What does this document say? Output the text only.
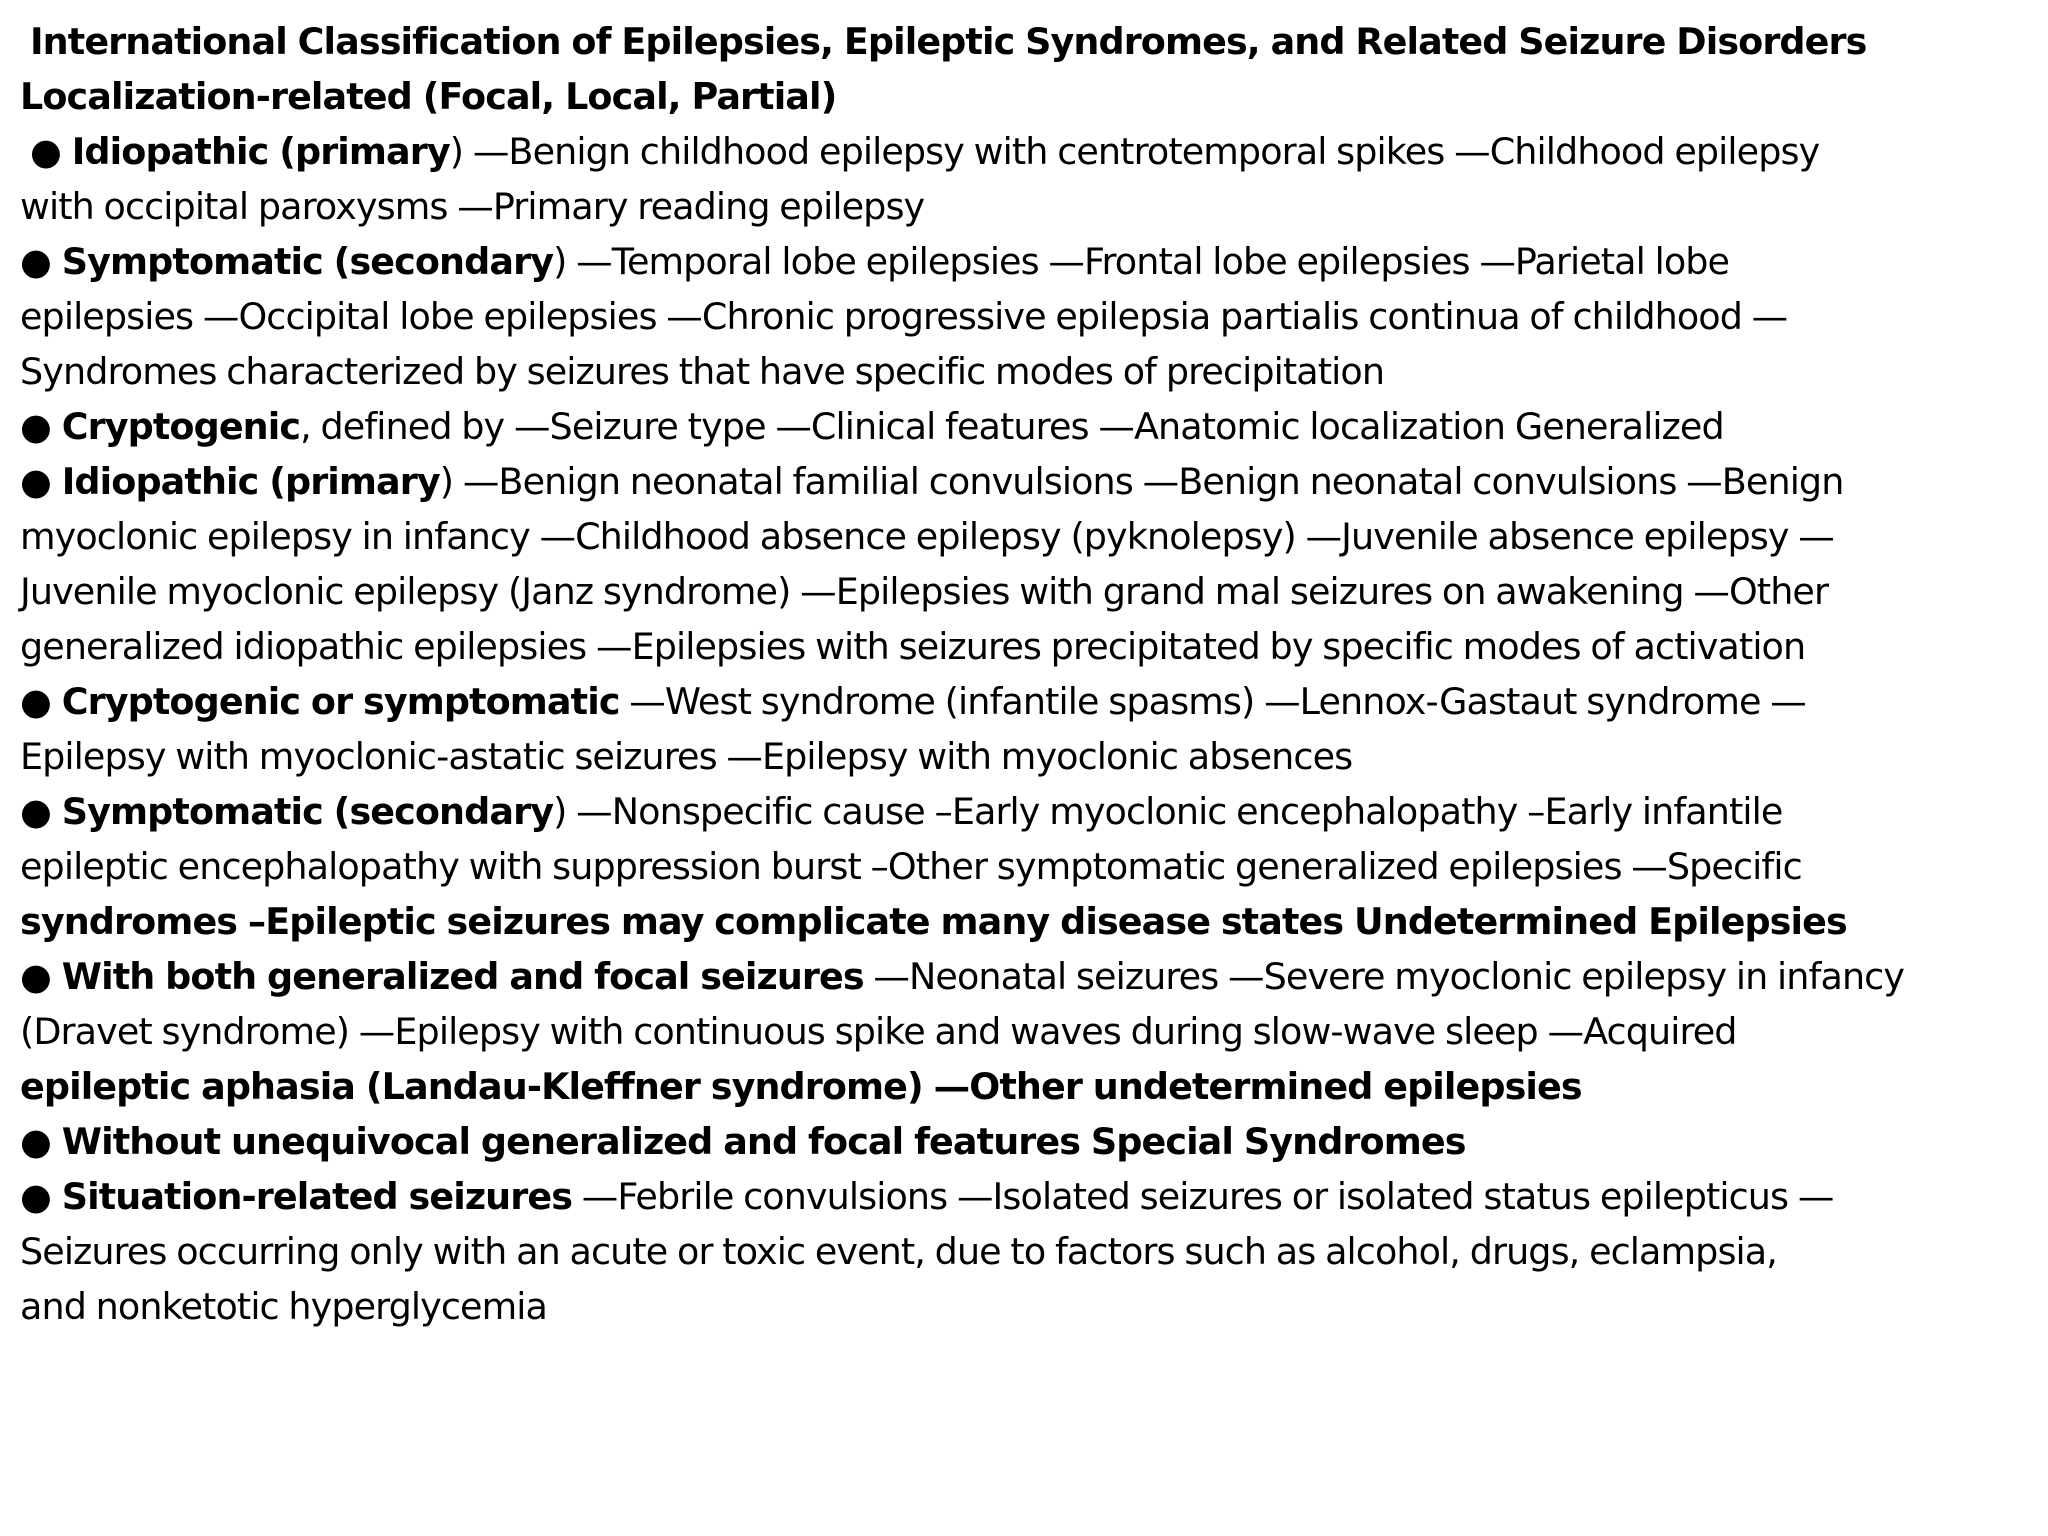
International Classification of Epilepsies, Epileptic Syndromes, and Related Seizure Disorders
Localization-related (Focal, Local, Partial)
● Idiopathic (primary) —Benign childhood epilepsy with centrotemporal spikes —Childhood epilepsy
with occipital paroxysms —Primary reading epilepsy
● Symptomatic (secondary) —Temporal lobe epilepsies —Frontal lobe epilepsies —Parietal lobe
epilepsies —Occipital lobe epilepsies —Chronic progressive epilepsia partialis continua of childhood —
Syndromes characterized by seizures that have specific modes of precipitation
● Cryptogenic, defined by —Seizure type —Clinical features —Anatomic localization Generalized
● Idiopathic (primary) —Benign neonatal familial convulsions —Benign neonatal convulsions —Benign
myoclonic epilepsy in infancy —Childhood absence epilepsy (pyknolepsy) —Juvenile absence epilepsy —
Juvenile myoclonic epilepsy (Janz syndrome) —Epilepsies with grand mal seizures on awakening —Other
generalized idiopathic epilepsies —Epilepsies with seizures precipitated by specific modes of activation
● Cryptogenic or symptomatic —West syndrome (infantile spasms) —Lennox-Gastaut syndrome —
Epilepsy with myoclonic-astatic seizures —Epilepsy with myoclonic absences
● Symptomatic (secondary) —Nonspecific cause –Early myoclonic encephalopathy –Early infantile
epileptic encephalopathy with suppression burst –Other symptomatic generalized epilepsies —Specific
syndromes –Epileptic seizures may complicate many disease states Undetermined Epilepsies
● With both generalized and focal seizures —Neonatal seizures —Severe myoclonic epilepsy in infancy
(Dravet syndrome) —Epilepsy with continuous spike and waves during slow-wave sleep —Acquired
epileptic aphasia (Landau-Kleffner syndrome) —Other undetermined epilepsies
● Without unequivocal generalized and focal features Special Syndromes
● Situation-related seizures —Febrile convulsions —Isolated seizures or isolated status epilepticus —
Seizures occurring only with an acute or toxic event, due to factors such as alcohol, drugs, eclampsia,
and nonketotic hyperglycemia
